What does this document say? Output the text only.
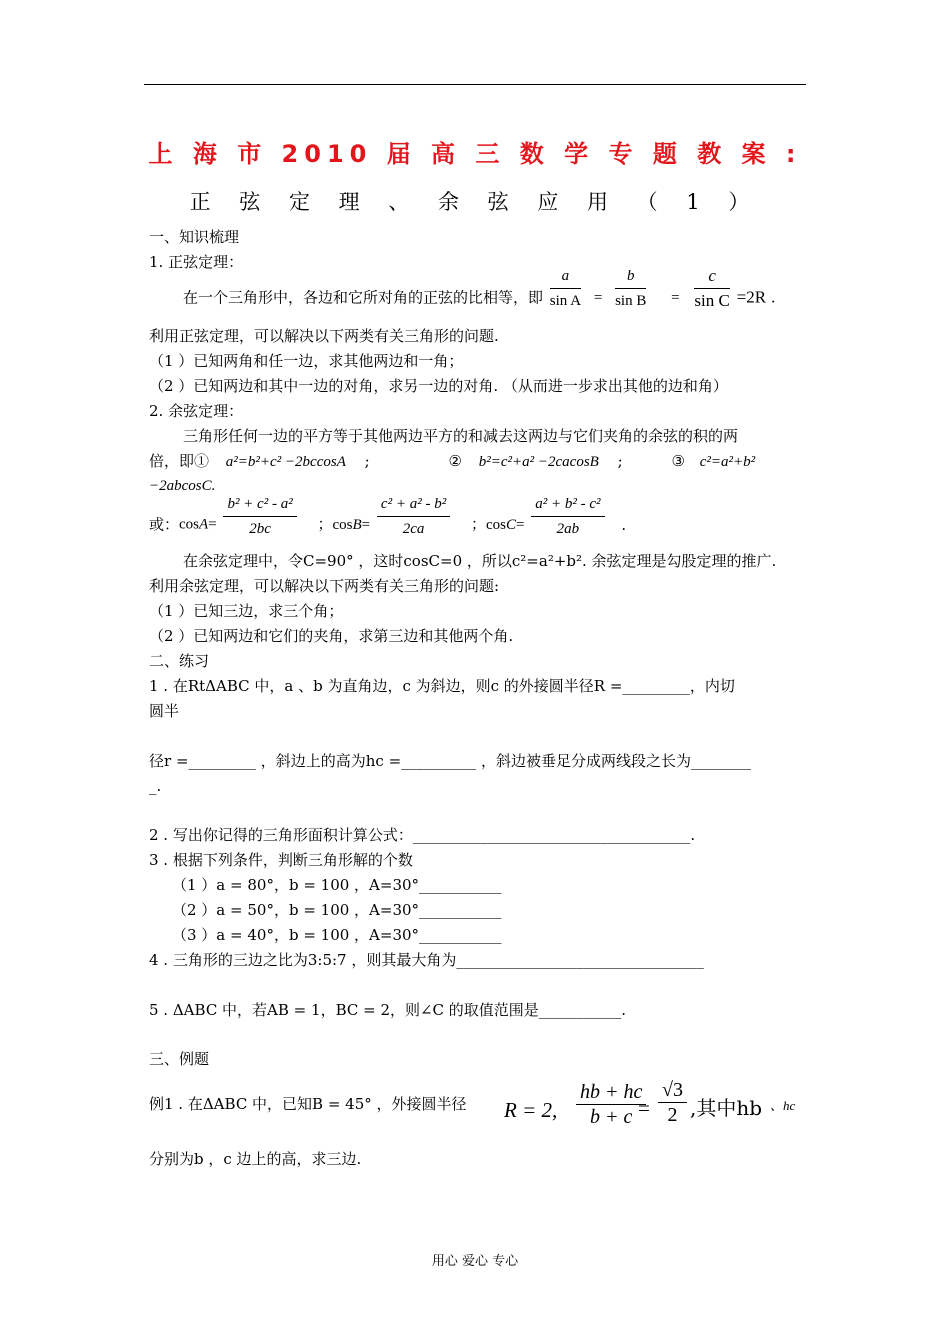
上 海 市 2010 届 高 三 数 学 专 题 教 案 :
正 弦 定 理 、 余 弦 应 用 （ 1 ）
一、知识梳理
1. 正弦定理：
在一个三角形中，各边和它所对角的正弦的比相等，即 $\frac{a}{\text{sin A}} = \frac{b}{\text{sin B}} = \frac{c}{\text{sin C}} =2R$ .
利用正弦定理，可以解决以下两类有关三角形的问题.
（1 ）已知两角和任一边，求其他两边和一角；
（2 ）已知两边和其中一边的对角，求另一边的对角. （从而进一步求出其他的边和角）
2. 余弦定理：
三角形任何一边的平方等于其他两边平方的和减去这两边与它们夹角的余弦的积的两
倍，即① a²=b²+c² −2bccosA ;	② b²=c²+a² −2cacosB ;	③ c²=a²+b²
−2abcosC.
或：$\cos A= \frac{\text{b² + c² - a²}}{2bc}$ ；$\cos B= \frac{\text{c² + a² - b²}}{2ca}$ ；$\cos C= \frac{\text{a² + b² - c²}}{2ab}$ .
在余弦定理中，令C=90° ，这时cosC=0 ，所以c²=a²+b². 余弦定理是勾股定理的推广.
利用余弦定理，可以解决以下两类有关三角形的问题:
（1 ）已知三边，求三个角；
（2 ）已知两边和它们的夹角，求第三边和其他两个角.
二、练习
1 . 在RtΔABC 中，a 、b 为直角边，c 为斜边，则c 的外接圆半径R =_________，内切
圆半
径r =_________ ，斜边上的高为hc =__________ ，斜边被垂足分成两线段之长为________
_.
2 . 写出你记得的三角形面积计算公式：_____________________________________.
3 . 根据下列条件，判断三角形解的个数
（1 ）a = 80°，b = 100 ，A=30°___________
（2 ）a = 50°，b = 100 ，A=30°___________
（3 ）a = 40°，b = 100 ，A=30°___________
4 . 三角形的三边之比为3:5:7 ，则其最大角为_________________________________
5 . ΔABC 中，若AB = 1，BC = 2，则∠C 的取值范围是___________.
三、例题
例1 . 在ΔABC 中，已知B = 45° ，外接圆半径 R = 2, $\frac{hb + hc}{b + c}$
= $\frac{√3}{2}$ ,其中hb 、hc
分别为b ，c 边上的高，求三边.
用心 爱心 专心
